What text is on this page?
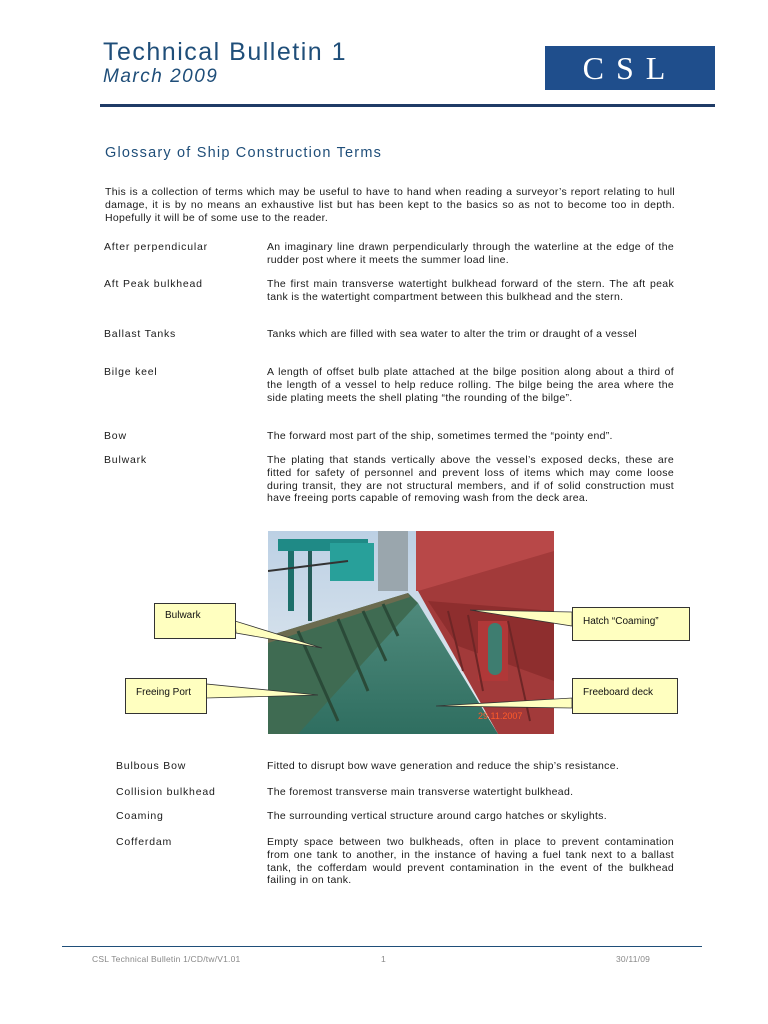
Technical Bulletin 1
March 2009	CSL
Glossary of Ship Construction Terms
This is a collection of terms which may be useful to have to hand when reading a surveyor’s report relating to hull damage, it is by no means an exhaustive list but has been kept to the basics so as not to become too in depth. Hopefully it will be of some use to the reader.
After perpendicular	An imaginary line drawn perpendicularly through the waterline at the edge of the rudder post where it meets the summer load line.
Aft Peak bulkhead	The first main transverse watertight bulkhead forward of the stern. The aft peak tank is the watertight compartment between this bulkhead and the stern.
Ballast Tanks	Tanks which are filled with sea water to alter the trim or draught of a vessel
Bilge keel	A length of offset bulb plate attached at the bilge position along about a third of the length of a vessel to help reduce rolling. The bilge being the area where the side plating meets the shell plating “the rounding of the bilge”.
Bow	The forward most part of the ship, sometimes termed the “pointy end”.
Bulwark	The plating that stands vertically above the vessel’s exposed decks, these are fitted for safety of personnel and prevent loss of items which may come loose during transit, they are not structural members, and if of solid construction must have freeing ports capable of removing wash from the deck area.
29.11.2007
Bulwark
Hatch “Coaming”
Freeing Port	Freeboard deck
Bulbous Bow	Fitted to disrupt bow wave generation and reduce the ship’s resistance.
Collision bulkhead	The foremost transverse main transverse watertight bulkhead.
Coaming	The surrounding vertical structure around cargo hatches or skylights.
Cofferdam	Empty space between two bulkheads, often in place to prevent contamination from one tank to another, in the instance of having a fuel tank next to a ballast tank, the cofferdam would prevent contamination in the event of the bulkhead failing in on tank.
CSL Technical Bulletin 1/CD/tw/V1.01	1	30/11/09
